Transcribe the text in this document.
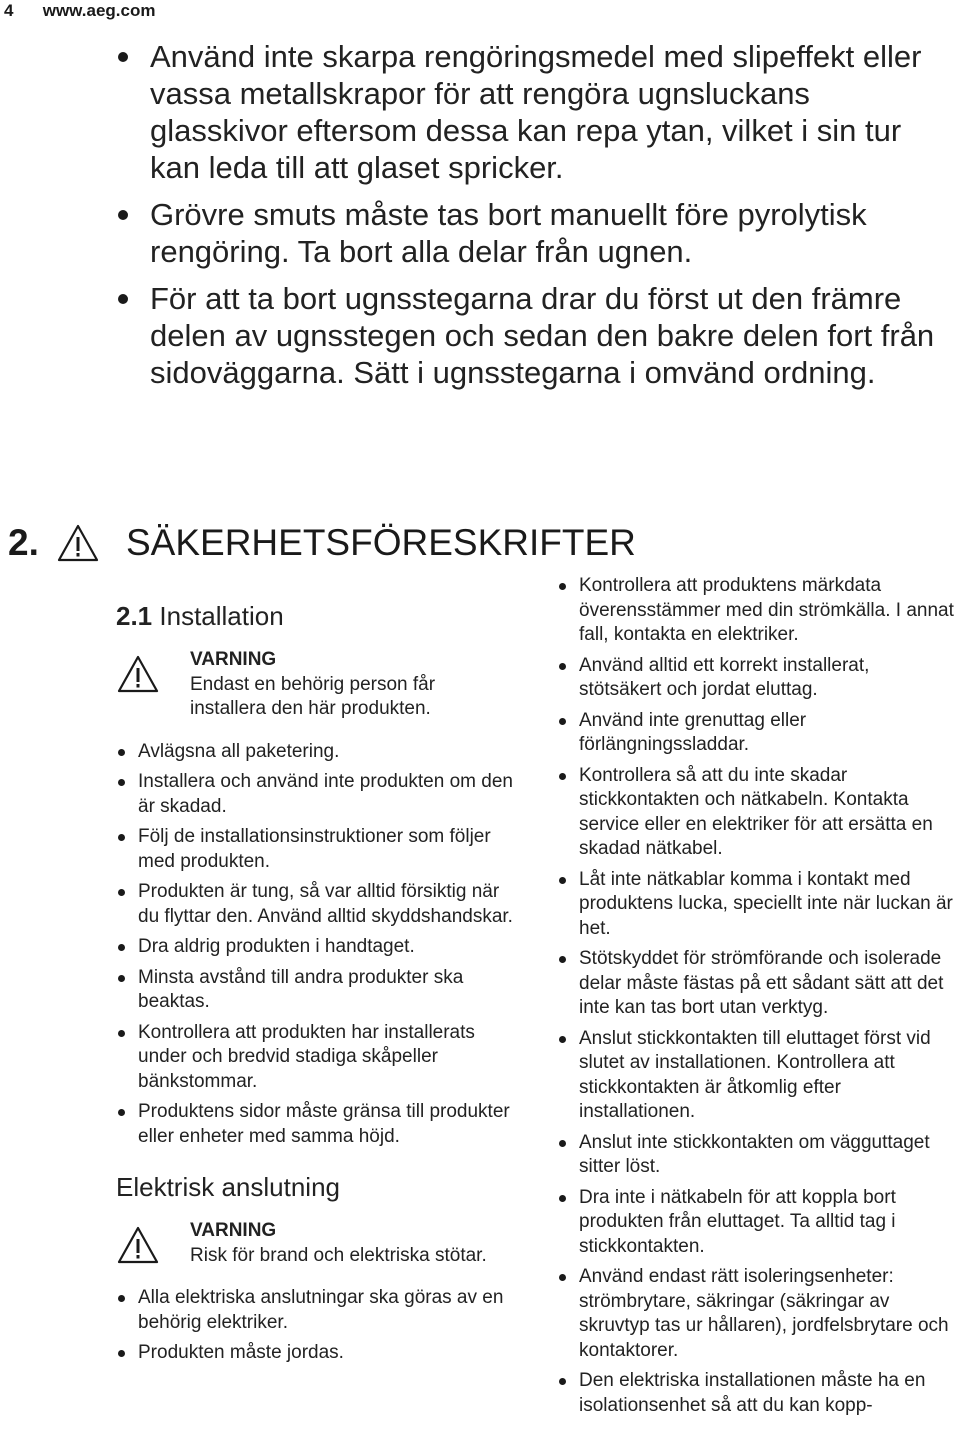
4 www.aeg.com
Använd inte skarpa rengöringsmedel med slipeffekt eller vassa metallskrapor för att rengöra ugnsluckans glasskivor eftersom dessa kan repa ytan, vilket i sin tur kan leda till att glaset spricker.
Grövre smuts måste tas bort manuellt före pyrolytisk rengöring. Ta bort alla delar från ugnen.
För att ta bort ugnsstegarna drar du först ut den främre delen av ugnsstegen och sedan den bakre delen fort från sidoväggarna. Sätt i ugnsstegarna i omvänd ordning.
2.	SÄKERHETSFÖRESKRIFTER
2.1 Installation
VARNING
Endast en behörig person får installera den här produkten.
Avlägsna all paketering.
Installera och använd inte produkten om den är skadad.
Följ de installationsinstruktioner som följer med produkten.
Produkten är tung, så var alltid försiktig när du flyttar den. Använd alltid skyddshandskar.
Dra aldrig produkten i handtaget.
Minsta avstånd till andra produkter ska beaktas.
Kontrollera att produkten har installerats under och bredvid stadiga skåpeller bänkstommar.
Produktens sidor måste gränsa till produkter eller enheter med samma höjd.
Elektrisk anslutning
VARNING
Risk för brand och elektriska stötar.
Alla elektriska anslutningar ska göras av en behörig elektriker.
Produkten måste jordas.
Kontrollera att produktens märkdata överensstämmer med din strömkälla. I annat fall, kontakta en elektriker.
Använd alltid ett korrekt installerat, stötsäkert och jordat eluttag.
Använd inte grenuttag eller förlängningssladdar.
Kontrollera så att du inte skadar stickkontakten och nätkabeln. Kontakta service eller en elektriker för att ersätta en skadad nätkabel.
Låt inte nätkablar komma i kontakt med produktens lucka, speciellt inte när luckan är het.
Stötskyddet för strömförande och isolerade delar måste fästas på ett sådant sätt att det inte kan tas bort utan verktyg.
Anslut stickkontakten till eluttaget först vid slutet av installationen. Kontrollera att stickkontakten är åtkomlig efter installationen.
Anslut inte stickkontakten om vägguttaget sitter löst.
Dra inte i nätkabeln för att koppla bort produkten från eluttaget. Ta alltid tag i stickkontakten.
Använd endast rätt isoleringsenheter: strömbrytare, säkringar (säkringar av skruvtyp tas ur hållaren), jordfelsbrytare och kontaktorer.
Den elektriska installationen måste ha en isolationsenhet så att du kan kopp-
